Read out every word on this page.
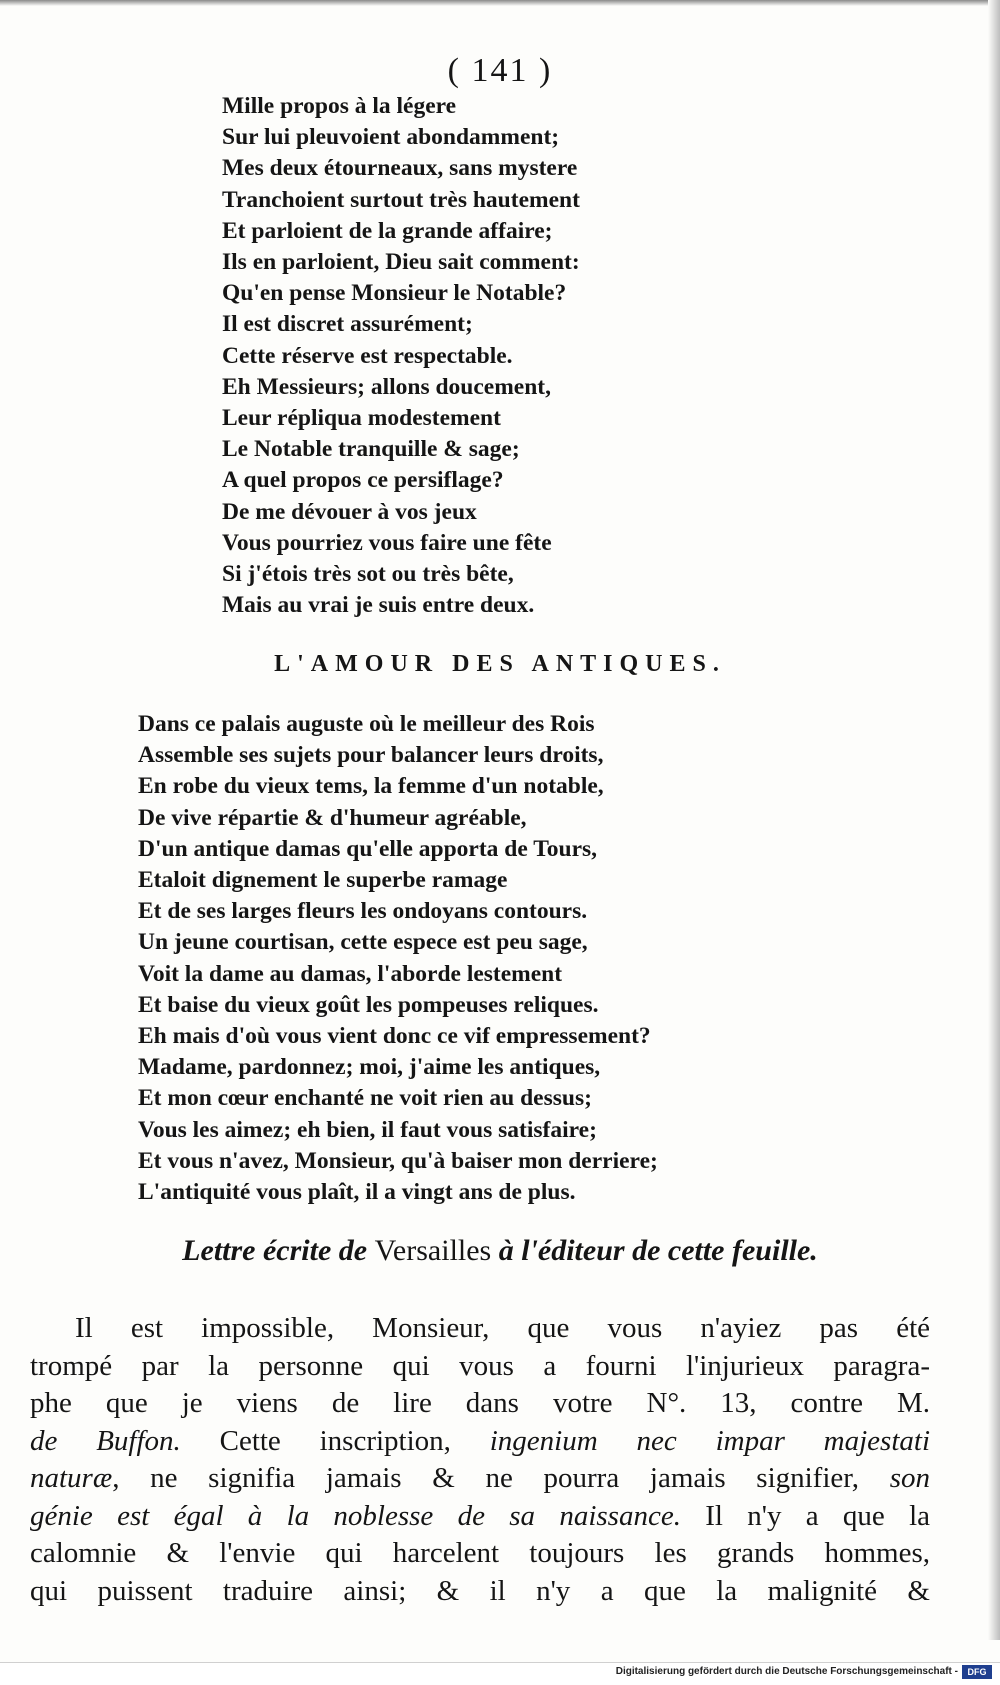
( 141 )
Mille propos à la légere
Sur lui pleuvoient abondamment;
Mes deux étourneaux, sans mystere
Tranchoient surtout très hautement
Et parloient de la grande affaire;
Ils en parloient, Dieu sait comment:
Qu'en pense Monsieur le Notable?
Il est discret assurément;
Cette réserve est respectable.
Eh Messieurs; allons doucement,
Leur répliqua modestement
Le Notable tranquille & sage;
A quel propos ce persiflage?
De me dévouer à vos jeux
Vous pourriez vous faire une fête
Si j'étois très sot ou très bête,
Mais au vrai je suis entre deux.
L'AMOUR DES ANTIQUES.
Dans ce palais auguste où le meilleur des Rois
Assemble ses sujets pour balancer leurs droits,
En robe du vieux tems, la femme d'un notable,
De vive répartie & d'humeur agréable,
D'un antique damas qu'elle apporta de Tours,
Etaloit dignement le superbe ramage
Et de ses larges fleurs les ondoyans contours.
Un jeune courtisan, cette espece est peu sage,
Voit la dame au damas, l'aborde lestement
Et baise du vieux goût les pompeuses reliques.
Eh mais d'où vous vient donc ce vif empressement?
Madame, pardonnez; moi, j'aime les antiques,
Et mon cœur enchanté ne voit rien au dessus;
Vous les aimez; eh bien, il faut vous satisfaire;
Et vous n'avez, Monsieur, qu'à baiser mon derriere;
L'antiquité vous plaît, il a vingt ans de plus.
Lettre écrite de Versailles à l'éditeur de cette feuille.
Il est impossible, Monsieur, que vous n'ayiez pas été
trompé par la personne qui vous a fourni l'injurieux paragra-
phe que je viens de lire dans votre N°. 13, contre M.
de Buffon. Cette inscription, ingenium nec impar majestati
naturæ, ne signifia jamais & ne pourra jamais signifier, son
génie est égal à la noblesse de sa naissance. Il n'y a que la
calomnie & l'envie qui harcelent toujours les grands hommes,
qui puissent traduire ainsi; & il n'y a que la malignité &
Digitalisierung gefördert durch die Deutsche Forschungsgemeinschaft -	DFG
